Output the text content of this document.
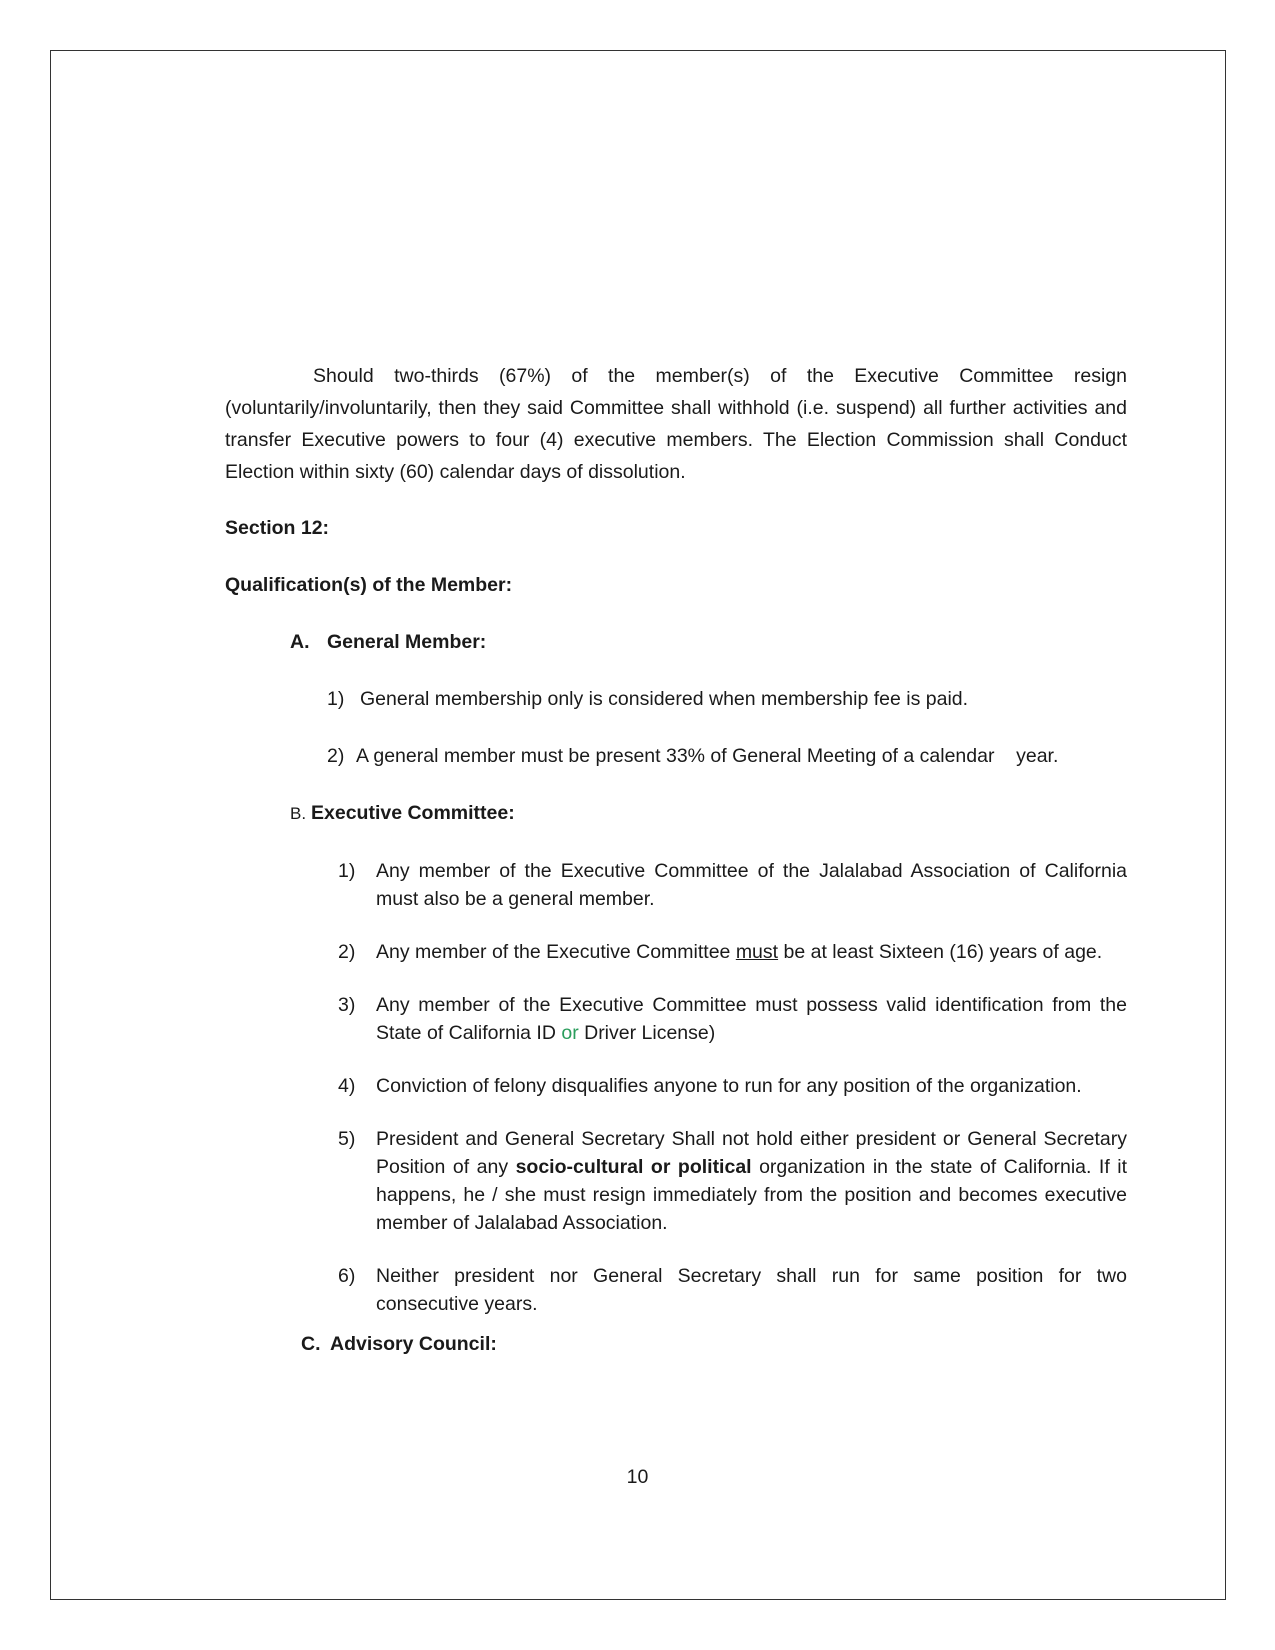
Should two-thirds (67%) of the member(s) of the Executive Committee resign (voluntarily/involuntarily, then they said Committee shall withhold (i.e. suspend) all further activities and transfer Executive powers to four (4) executive members. The Election Commission shall Conduct Election within sixty (60) calendar days of dissolution.

Section 12:

Qualification(s) of the Member:

A. General Member:

1) General membership only is considered when membership fee is paid.
2) A general member must be present 33% of General Meeting of a calendar    year.

B. Executive Committee:

1) Any member of the Executive Committee of the Jalalabad Association of California must also be a general member.
2) Any member of the Executive Committee must be at least Sixteen (16) years of age.
3) Any member of the Executive Committee must possess valid identification from the State of California ID or Driver License)
4) Conviction of felony disqualifies anyone to run for any position of the organization.
5) President and General Secretary Shall not hold either president or General Secretary Position of any socio-cultural or political organization in the state of California. If it happens, he / she must resign immediately from the position and becomes executive member of Jalalabad Association.
6) Neither president nor General Secretary shall run for same position for two consecutive years.

C. Advisory Council:

10
